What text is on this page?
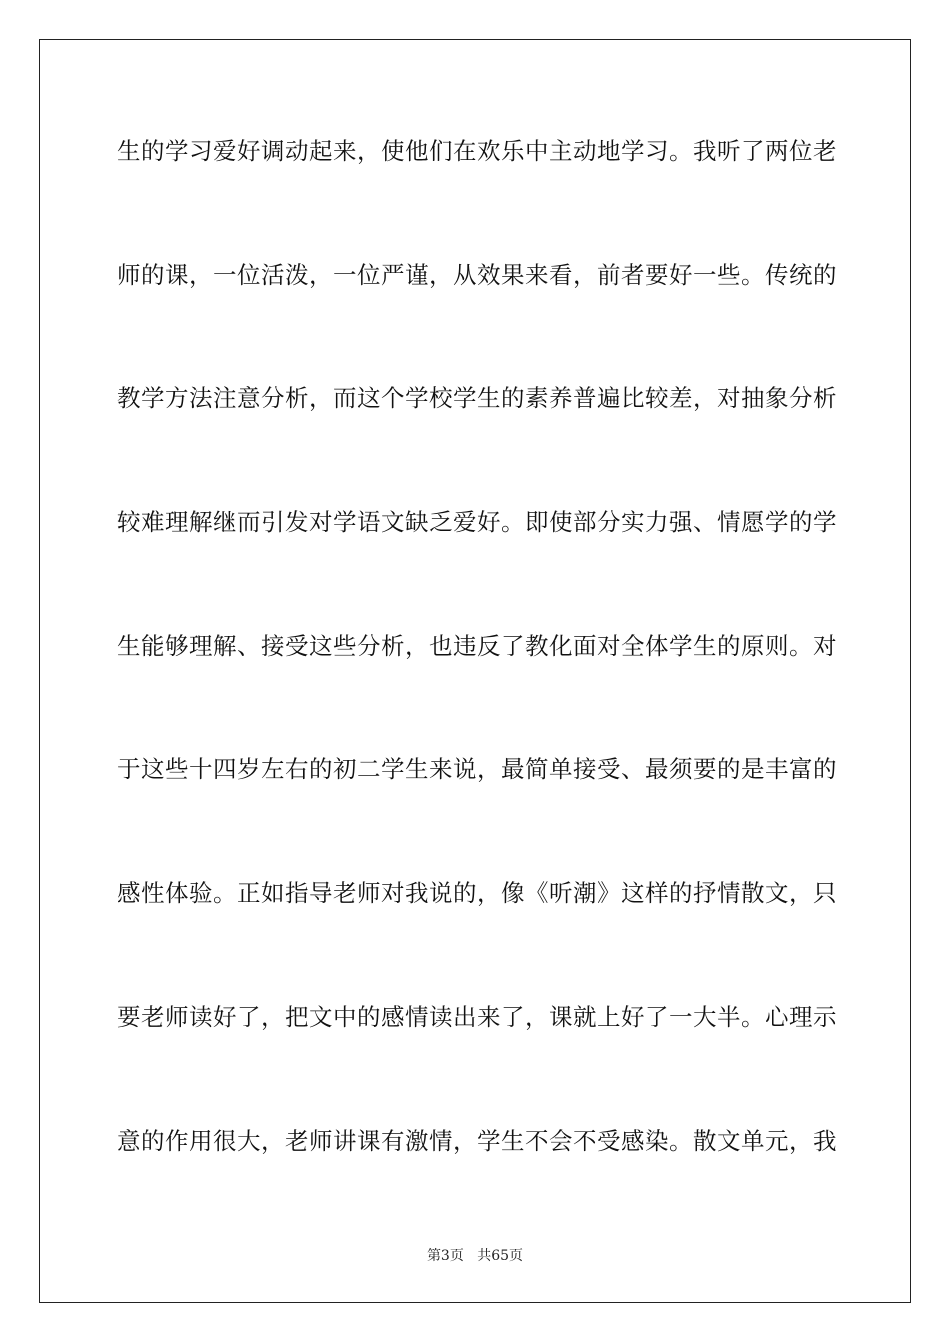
生的学习爱好调动起来，使他们在欢乐中主动地学习。我听了两位老
师的课，一位活泼，一位严谨，从效果来看，前者要好一些。传统的
教学方法注意分析，而这个学校学生的素养普遍比较差，对抽象分析
较难理解继而引发对学语文缺乏爱好。即使部分实力强、情愿学的学
生能够理解、接受这些分析，也违反了教化面对全体学生的原则。对
于这些十四岁左右的初二学生来说，最简单接受、最须要的是丰富的
感性体验。正如指导老师对我说的，像《听潮》这样的抒情散文，只
要老师读好了，把文中的感情读出来了，课就上好了一大半。心理示
意的作用很大，老师讲课有激情，学生不会不受感染。散文单元，我
第3页 共65页
